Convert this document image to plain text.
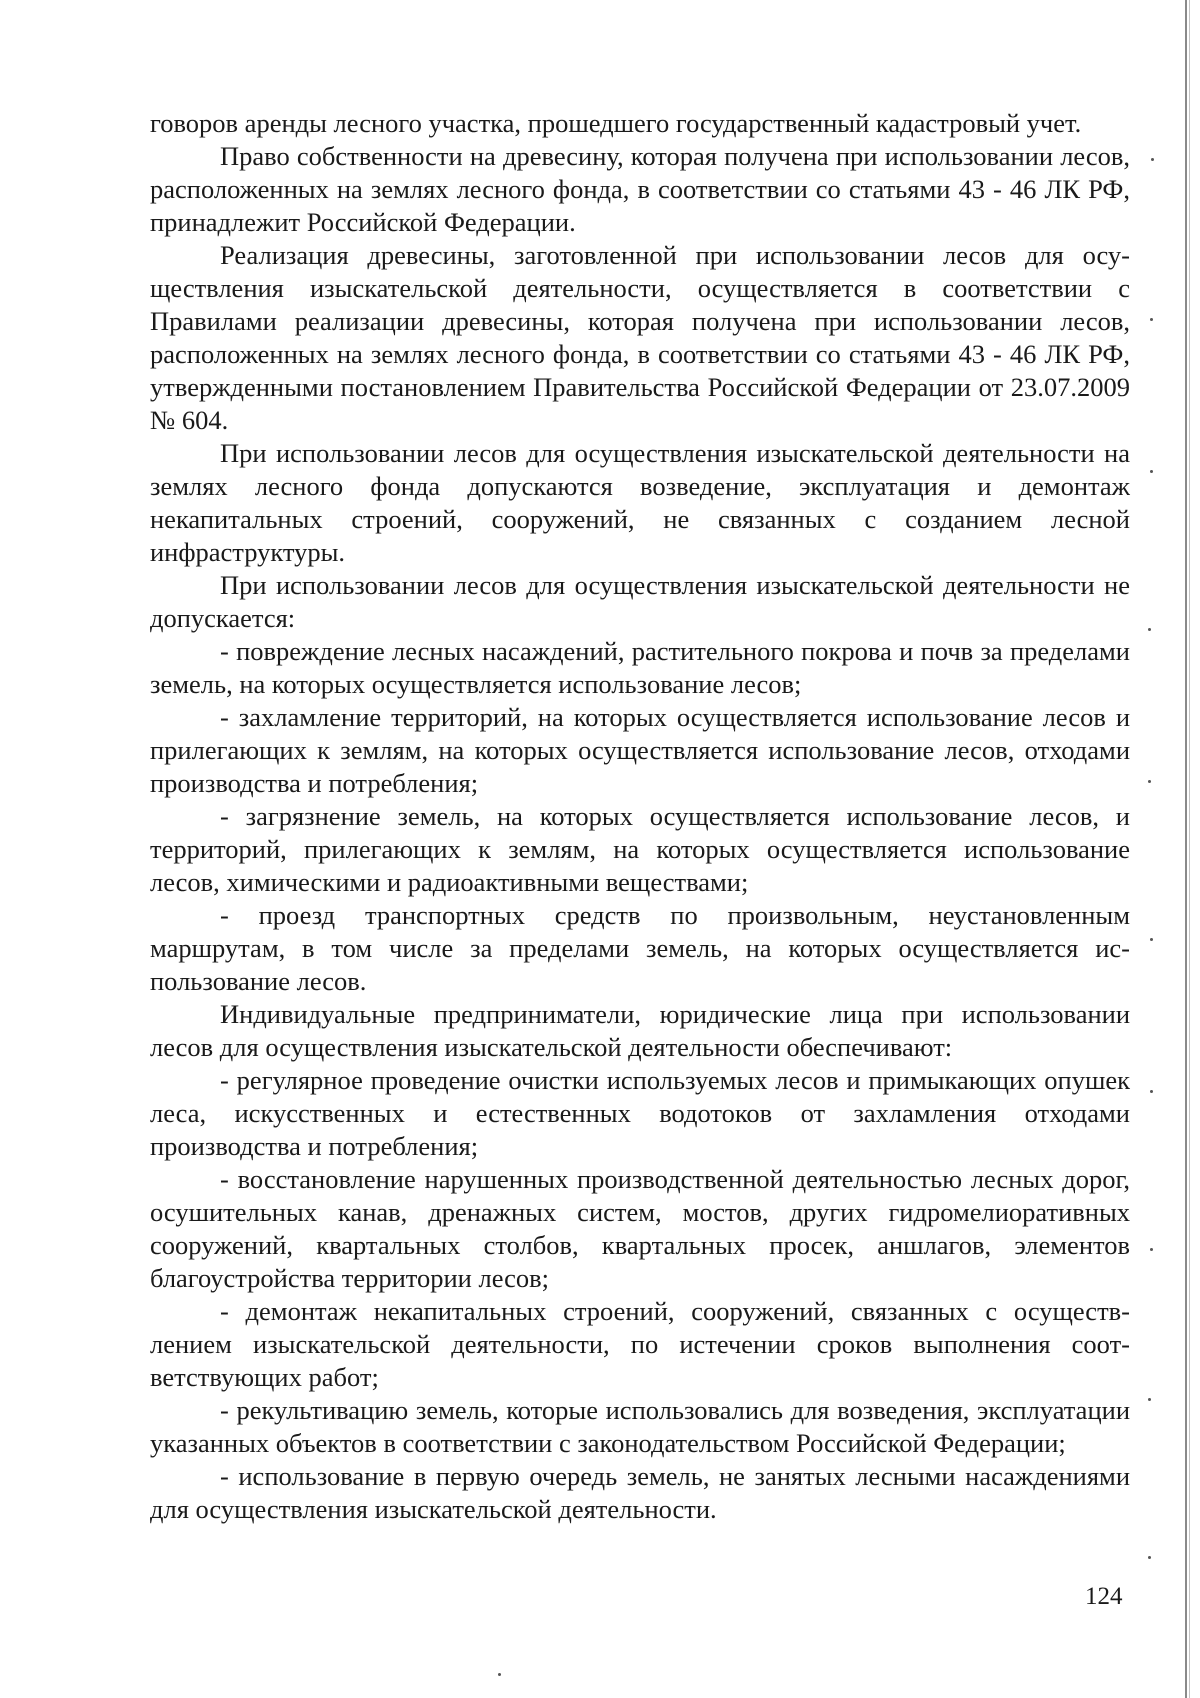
говоров аренды лесного участка, прошедшего государственный кадастровый учет.

Право собственности на древесину, которая получена при использовании лесов, расположенных на землях лесного фонда, в соответствии со статьями 43 - 46 ЛК РФ, принадлежит Российской Федерации.

Реализация древесины, заготовленной при использовании лесов для осуществления изыскательской деятельности, осуществляется в соответствии с Правилами реализации древесины, которая получена при использовании лесов, расположенных на землях лесного фонда, в соответствии со статьями 43 - 46 ЛК РФ, утвержденными постановлением Правительства Российской Федерации от 23.07.2009 № 604.

При использовании лесов для осуществления изыскательской деятельности на землях лесного фонда допускаются возведение, эксплуатация и демонтаж некапитальных строений, сооружений, не связанных с созданием лесной инфраструктуры.

При использовании лесов для осуществления изыскательской деятельности не допускается:

- повреждение лесных насаждений, растительного покрова и почв за пределами земель, на которых осуществляется использование лесов;

- захламление территорий, на которых осуществляется использование лесов и прилегающих к землям, на которых осуществляется использование лесов, отходами производства и потребления;

- загрязнение земель, на которых осуществляется использование лесов, и территорий, прилегающих к землям, на которых осуществляется использование лесов, химическими и радиоактивными веществами;

- проезд транспортных средств по произвольным, неустановленным маршрутам, в том числе за пределами земель, на которых осуществляется использование лесов.

Индивидуальные предприниматели, юридические лица при использовании лесов для осуществления изыскательской деятельности обеспечивают:

- регулярное проведение очистки используемых лесов и примыкающих опушек леса, искусственных и естественных водотоков от захламления отходами производства и потребления;

- восстановление нарушенных производственной деятельностью лесных дорог, осушительных канав, дренажных систем, мостов, других гидромелиоративных сооружений, квартальных столбов, квартальных просек, аншлагов, элементов благоустройства территории лесов;

- демонтаж некапитальных строений, сооружений, связанных с осуществлением изыскательской деятельности, по истечении сроков выполнения соответствующих работ;

- рекультивацию земель, которые использовались для возведения, эксплуатации указанных объектов в соответствии с законодательством Российской Федерации;

- использование в первую очередь земель, не занятых лесными насаждениями для осуществления изыскательской деятельности.

124
